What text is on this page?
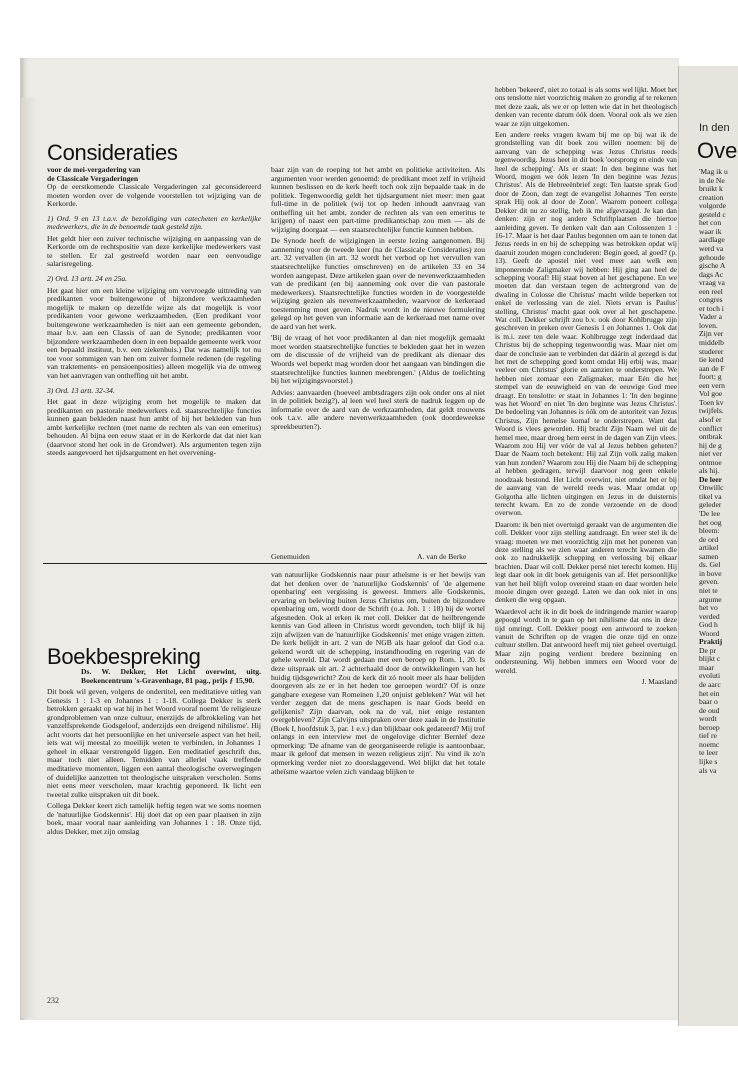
Consideraties
voor de mei-vergadering van
de Classicale Vergaderingen

Op de eerstkomende Classicale Vergaderingen zal geconsidereerd moeten worden over de volgende voorstellen tot wijziging van de Kerkorde.

1) Ord. 9 en 13 t.a.v. de bezoldiging van catecheten en kerkelijke medewerkers, die in de benoemde taak gesteld zijn.

Het geldt hier een zuiver technische wijziging en aanpassing van de Kerkorde om de rechtspositie van deze kerkelijke medewerkers vast te stellen. Er zal gestreefd worden naar een eenvoudige salarisregeling.

2) Ord. 13 artt. 24 en 25a.

Het gaat hier om een kleine wijziging om vervroegde uittreding van predikanten voor buitengewone of bijzondere werkzaamheden mogelijk te maken op dezelfde wijze als dat mogelijk is voor predikanten voor gewone werkzaamheden. (Een predikant voor buitengewone werkzaamheden is niet aan een gemeente gebonden, maar b.v. aan een Classis of aan de Synode; predikanten voor bijzondere werkzaamheden doen in een bepaalde gemeente werk voor een bepaald instituut, b.v. een ziekenhuis.) Dat was namelijk tot nu toe voor sommigen van hen om zuiver formele redenen (de regeling van traktements- en pensioenposities) alleen mogelijk via de omweg van het aanvragen van ontheffing uit het ambt.

3) Ord. 13 artt. 32-34.

Het gaat in deze wijziging erom het mogelijk te maken dat predikanten en pastorale medewerkers e.d. staatsrechtelijke functies kunnen gaan bekleden naast hun ambt of bij het bekleden van hun ambt kerkelijke rechten (met name de rechten als van een emeritus) behouden. Al bijna een eeuw staat er in de Kerkorde dat dat niet kan (daarvoor stond het ook in de Grondwet). Als argumenten tegen zijn steeds aangevoerd het tijdsargument en het overvening-

baar zijn van de roeping tot het ambt en politieke activiteiten. Als argumenten voor werden genoemd: de predikant moet zelf in vrijheid kunnen beslissen en de kerk heeft toch ook zijn bepaalde taak in de politiek. Tegenwoordig geldt het tijdsargument niet meer: men gaat full-time in de politiek (wij tot op heden inhoudt aanvraag van ontheffing uit het ambt, zonder de rechten als van een emeritus te krijgen) of naast een part-time predikantschap zou men — als de wijziging doorgaat — een staatsrechtelijke functie kunnen hebben.

De Synode heeft de wijzigingen in eerste lezing aangenomen. Bij aanneming voor de tweede keer (na de Classicale Consideraties) zou art. 32 vervallen (in art. 32 wordt het verbod op het vervullen van staatsrechtelijke functies omschreven) en de artikelen 33 en 34 worden aangepast. Deze artikelen gaan over de nevenwerkzaamheden van de predikant (en bij aanneming ook over die van pastorale medewerkers). Staatsrechtelijke functies worden in de voorgestelde wijziging gezien als nevenwerkzaamheden, waarvoor de kerkeraad toestemming moet geven. Nadruk wordt in de nieuwe formulering gelegd op het geven van informatie aan de kerkeraad met name over de aard van het werk.

'Bij de vraag of het voor predikanten al dan niet mogelijk gemaakt moet worden staatsrechtelijke functies te bekleden gaat het in wezen om de discussie of de vrijheid van de predikant als dienaar des Woords wel beperkt mag worden door het aangaan van bindingen die staatsrechtelijke functies kunnen meebrengen.' (Aldus de toelichting bij het wijzigingsvoorstel.)

Advies: aanvaarden (hoeveel ambtsdragers zijn ook onder ons al niet in de politiek bezig?), al leen wel heel sterk de nadruk leggen op de informatie over de aard van de werkzaamheden, dat geldt trouwens ook t.a.v. alle andere nevenwerkzaamheden (ook doordeweekse spreekbeurten?).

Genemuiden	A. van de Berke
Boekbespreking

Ds. W. Dekker, Het Licht overwint, uitg. Boekencentrum 's-Gravenhage, 81 pag., prijs ƒ 15,90.

Dit boek wil geven, volgens de ondertitel, een meditatieve uitleg van Genesis 1 : 1-3 en Johannes 1 : 1-18. Collega Dekker is sterk betrokken geraakt op wat hij in het Woord vooraf noemt 'de religieuze grondproblemen van onze cultuur, enerzijds de afbrokkeling van het vanzelfsprekende Godsgeloof, anderzijds een dreigend nihilisme'. Hij acht voorts dat het persoonlijke en het universele aspect van het heil, iets wat wij meestal zo moeilijk weten te verbinden, in Johannes 1 geheel in elkaar verstrengeld liggen. Een meditatief geschrift dus, maar toch niet alleen. Temidden van allerlei vaak treffende meditatieve momenten, liggen een aantal theologische overwegingen of duidelijke aanzetten tot theologische uitspraken verscholen. Soms niet eens meer verscholen, maar krachtig geponeerd. Ik licht een tweetal zulke uitspraken uit dit boek.

Collega Dekker keert zich tamelijk heftig tegen wat we soms noemen de 'natuurlijke Godskennis'. Hij doet dat op een paar plaatsen in zijn boek, maar vooral naar aanleiding van Johannes 1 : 18. Onze tijd, aldus Dekker, met zijn omslag

van natuurlijke Godskennis naar puur atheïsme is er het bewijs van dat het denken over de 'natuurlijke Godskennis' of 'de algemene openbaring' een vergissing is geweest. Immers alle Godskennis, ervaring en beleving buiten Jezus Christus om, buiten de bijzondere openbaring om, wordt door de Schrift (o.a. Joh. 1 : 18) bij de wortel afgesneden. Ook al erken ik met coll. Dekker dat de heilbrengende kennis van God alleen in Christus wordt gevonden, toch blijf ik hij zijn afwijzen van de 'natuurlijke Godskennis' met enige vragen zitten. De kerk belijdt in art. 2 van de NGB als haar geloof dat God o.a. gekend wordt uit de schepping, instandhouding en regering van de gehele wereld. Dat wordt gedaan met een beroep op Rom. 1, 20. Is deze uitspraak uit art. 2 achterhaald door de ontwikkelingen van het huidig tijdsgewricht? Zou de kerk dit zó nooit meer als haar belijden doorgeven als ze er in het heden toe geroepen wordt? Of is onze gangbare exegese van Romeinen 1,20 onjuist gebleken? Wat wil het verder zeggen dat de mens geschapen is naar Gods beeld en gelijkenis? Zijn daarvan, ook na de val, niet enige restanten overgebleven? Zijn Calvijns uitspraken over deze zaak in de Institutie (Boek I, hoofdstuk 3, par. 1 e.v.) dan blijkbaar ook gedateerd? Mij trof onlangs in een interview met de ongelovige dichter Bernlef deze opmerking: 'De afname van de georganiseerde religie is aantoonbaar, maar ik geloof dat mensen in wezen religieus zijn'. Nu vind ik zo'n opmerking verder niet zo doorslaggevend. Wel blijkt dat het totale atheïsme waartoe velen zich vandaag blijken te

hebben 'bekeerd', niet zo totaal is als soms wel lijkt. Moet het ons tenslotte niet voorzichtig maken zo grondig af te rekenen met deze zaak, als we er op letten wie dat in het theologisch denken van recente datum óók doen. Vooral ook als we zien waar ze zijn uitgekomen.

Een andere reeks vragen kwam bij me op bij wat ik de grondstelling van dit boek zou willen noemen: bij de aanvang van de schepping was Jezus Christus reeds tegenwoordig. Jezus heet in dit boek 'oorsprong en einde van heel de schepping'. Als er staat: In den beginne was het Woord, mogen we óók lezen 'In den beginne was Jezus Christus'. Als de Hebreeënbrief zegt: Ten laatste sprak God door de Zoon, dan zegt de evangelist Johannes 'Ten eerste sprak Hij ook al door de Zoon'. Waarom poneert collega Dekker dit nu zo stellig, heb ik me afgevraagd. Je kan dan denken: zijn er nog andere Schriftplaatsen die hiertoe aanleiding geven. Te denken valt dan aan Colossenzen 1 : 16-17. Maar is het daar Paulus begonnen om aan te tonen dat Jezus reeds in en bij de schepping was betrokken opdat wij daaruit zouden mogen concluderen: Begin goed, al goed? (p. 13). Geeft de apostel niet veel meer aan welk een imponerende Zaligmaker wij hebben: Hij ging aan heel de schepping vooraf! Hij staat boven al het geschapene. En we moeten dat dan verstaan tegen de achtergrond van de dwaling in Colosse die Christus' macht wilde beperken tot enkel de verlossing van de ziel. Niets ervan is Paulus' stelling, Christus' macht gaat ook over al het geschapene. Wat coll. Dekker schrijft zou b.v. ook door Kohlbrugge zijn geschreven in preken over Genesis 1 en Johannes 1. Ook dat is m.i. zeer ten dele waar. Kohlbrugge zegt inderdaad dat Christus bij de schepping tegenwoordig was. Maar niet om daar de conclusie aan te verbinden dat dáárin al gezegd is dat het met de schepping goed komt omdat Hij erbij was, maar veeleer om Christus' glorie en aanzien te onderstrepen. We hebben niet zomaar een Zaligmaker, maar Eén die het stempel van de eeuwigheid en van de eeuwige God mee draagt. En tenslotte: er staat in Johannes 1: 'In den beginne was het Woord' en niet 'In den beginne was Jezus Christus'. De bedoeling van Johannes is óók om de autoriteit van Jezus Christus, Zijn hemelse komaf te onderstrepen. Want dat Woord is vlees geworden. Hij bracht Zijn Naam wel uit de hemel mee, maar droeg hem eerst in de dagen van Zijn vlees. Waarom zou Hij ver vóór de val al Jezus hebben geheten? Daar de Naam toch betekent: Hij zal Zijn volk zalig maken van hun zonden? Waarom zou Hij die Naam bij de schepping al hebben gedragen, terwijl daarvoor nog geen enkele noodzaak bestond. Het Licht overwint, niet omdat het er bij de aanvang van de wereld reeds was. Maar omdat op Golgotha alle lichten uitgingen en Jezus in de duisternis terecht kwam. En zo de zonde verzoende en de dood overwon.

Daarom: ik ben niet overtuigd geraakt van de argumenten die coll. Dekker voor zijn stelling aandraagt. En weer stel ik de vraag: moeten we met voorzichtig zijn met het poneren van deze stelling als we zien waar anderen terecht kwamen die ook zo nadrukkelijk schepping en verlossing bij elkaar brachten. Daar wil coll. Dekker persé niet terecht komen. Hij legt daar ook in dit boek getuigenis van af. Het persoonlijke van het heil blijft volop overeind staan en daar worden hele mooie dingen over gezegd. Laten we dan ook niet in ons denken die weg opgaan.

Waardevol acht ik in dit boek de indringende manier waarop gepoogd wordt in te gaan op het nihilisme dat ons in deze tijd omringt. Coll. Dekker poogt een antwoord te zoeken vanuit de Schriften op de vragen die onze tijd en onze cultuur stellen. Dat antwoord heeft mij niet geheel overtuigd. Maar zijn poging verdient bredere bezinning en ondersteuning. Wij hebben immers een Woord voor de wereld.

J. Maasland
232
In den
Ove
'Mag ik u
in de Ne
bruikt k
creation
volgorde
gesteld c
het con
waar ik
aardlage
werd va
gehoude
gische A
dags Ac
vraag va
een reel
congres
er toch i
Vader a
loven.
Zijn ver
middelb
studerer
tie kend
aan de F
foort; g
een vern
Vol goe
Toen kv
twijfels.
alsof er
conflict
ontbrak
hij de g
niet ver
ontmoe
als hij.
De leer
Onwillc
tikel va
geleder
'De lee
het oog
bleem:
de ord
artikel
samen
ds. Gel
in bove
geven.
niet te
argume
het vo
verded
God h
Woord
Praktij
De pr
blijkt c
maar
evoluti
de aarc
het ein
baar o
de oud
wordt
beroep
tief re
noemc
te leer
lijke s
als va
